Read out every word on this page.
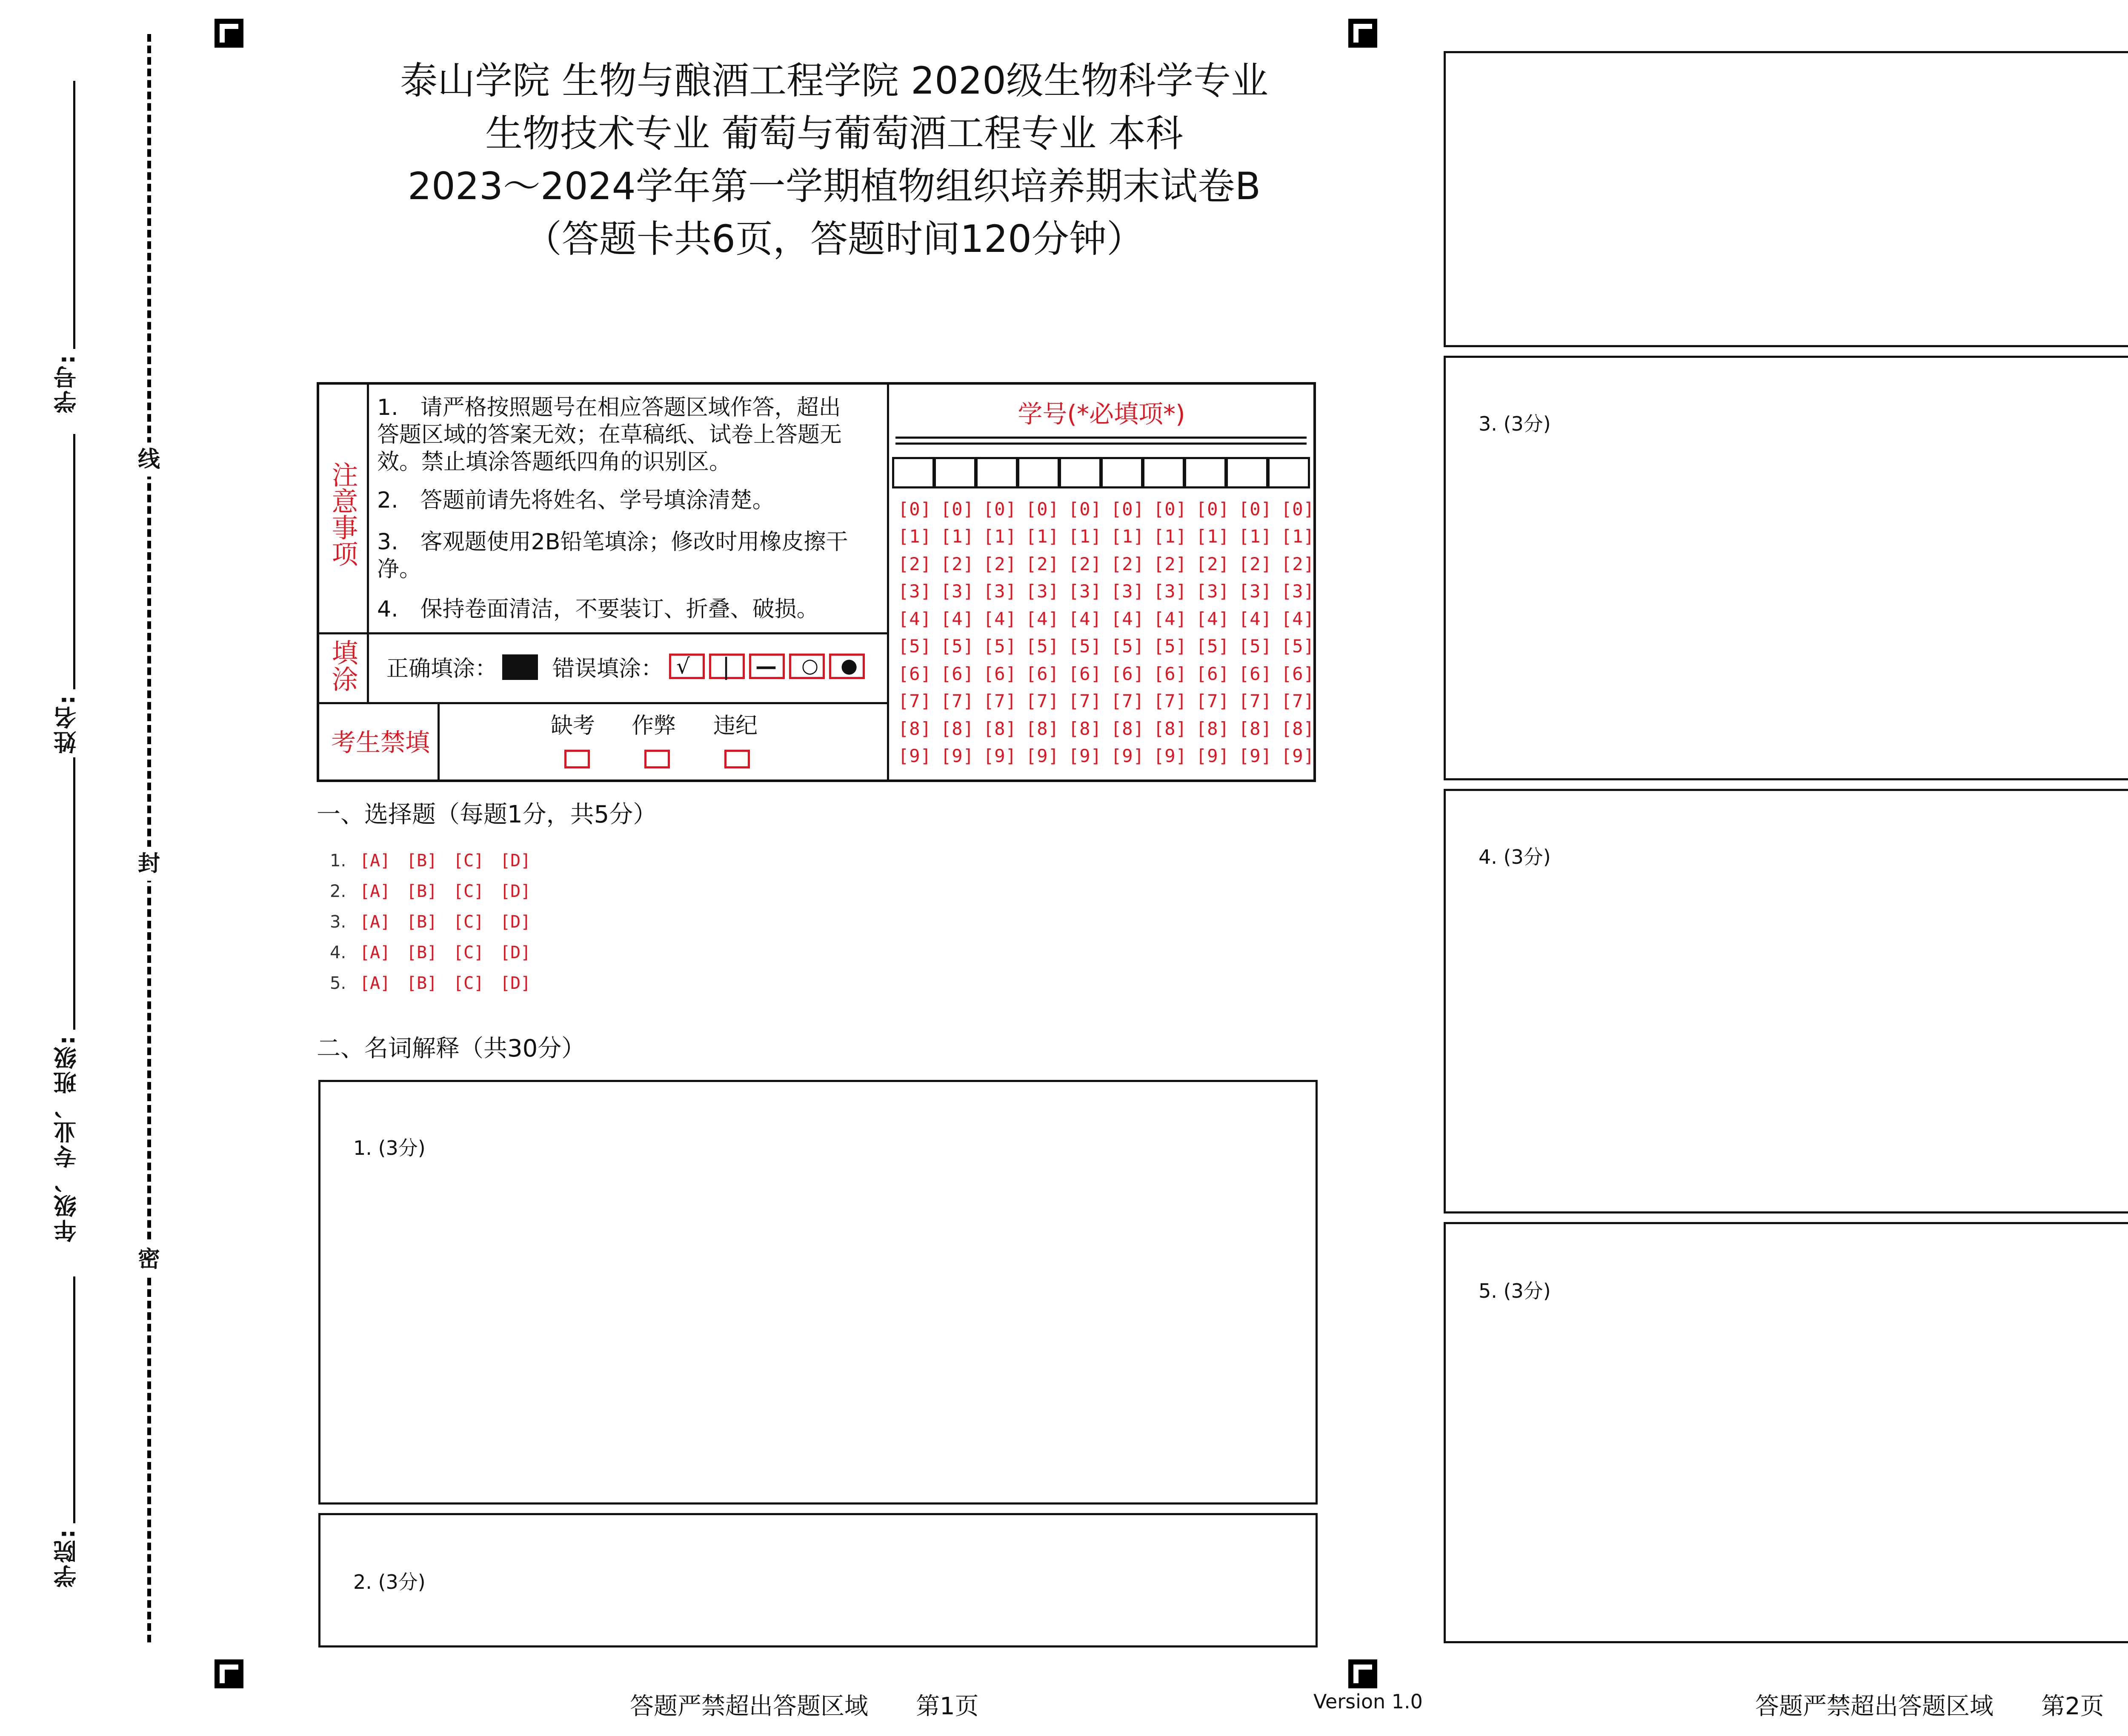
学号:
姓名:
年级、专业、班级:
学院:
线
封
密
泰山学院 生物与酿酒工程学院 2020级生物科学专业
生物技术专业 葡萄与葡萄酒工程专业 本科
2023～2024学年第一学期植物组织培养期末试卷B
（答题卡共6页，答题时间120分钟）
注意事项
1.　请严格按照题号在相应答题区域作答，超出答题区域的答案无效；在草稿纸、试卷上答题无效。禁止填涂答题纸四角的识别区。
2.　答题前请先将姓名、学号填涂清楚。
3.　客观题使用2B铅笔填涂；修改时用橡皮擦干净。
4.　保持卷面清洁，不要装订、折叠、破损。
填涂 正确填涂： 错误填涂： √ | — ○ ●
考生禁填
缺考 作弊 违纪
学号(*必填项*)
[0] [0] [0] [0] [0] [0] [0] [0] [0] [0]
[1] [1] [1] [1] [1] [1] [1] [1] [1] [1]
[2] [2] [2] [2] [2] [2] [2] [2] [2] [2]
[3] [3] [3] [3] [3] [3] [3] [3] [3] [3]
[4] [4] [4] [4] [4] [4] [4] [4] [4] [4]
[5] [5] [5] [5] [5] [5] [5] [5] [5] [5]
[6] [6] [6] [6] [6] [6] [6] [6] [6] [6]
[7] [7] [7] [7] [7] [7] [7] [7] [7] [7]
[8] [8] [8] [8] [8] [8] [8] [8] [8] [8]
[9] [9] [9] [9] [9] [9] [9] [9] [9] [9]
一、选择题（每题1分，共5分）
1. [A] [B] [C] [D]
2. [A] [B] [C] [D]
3. [A] [B] [C] [D]
4. [A] [B] [C] [D]
5. [A] [B] [C] [D]
二、名词解释（共30分）
1. (3分)
2. (3分)
3. (3分)
4. (3分)
5. (3分)
答题严禁超出答题区域　　第1页	Version 1.0	答题严禁超出答题区域　　第2页
